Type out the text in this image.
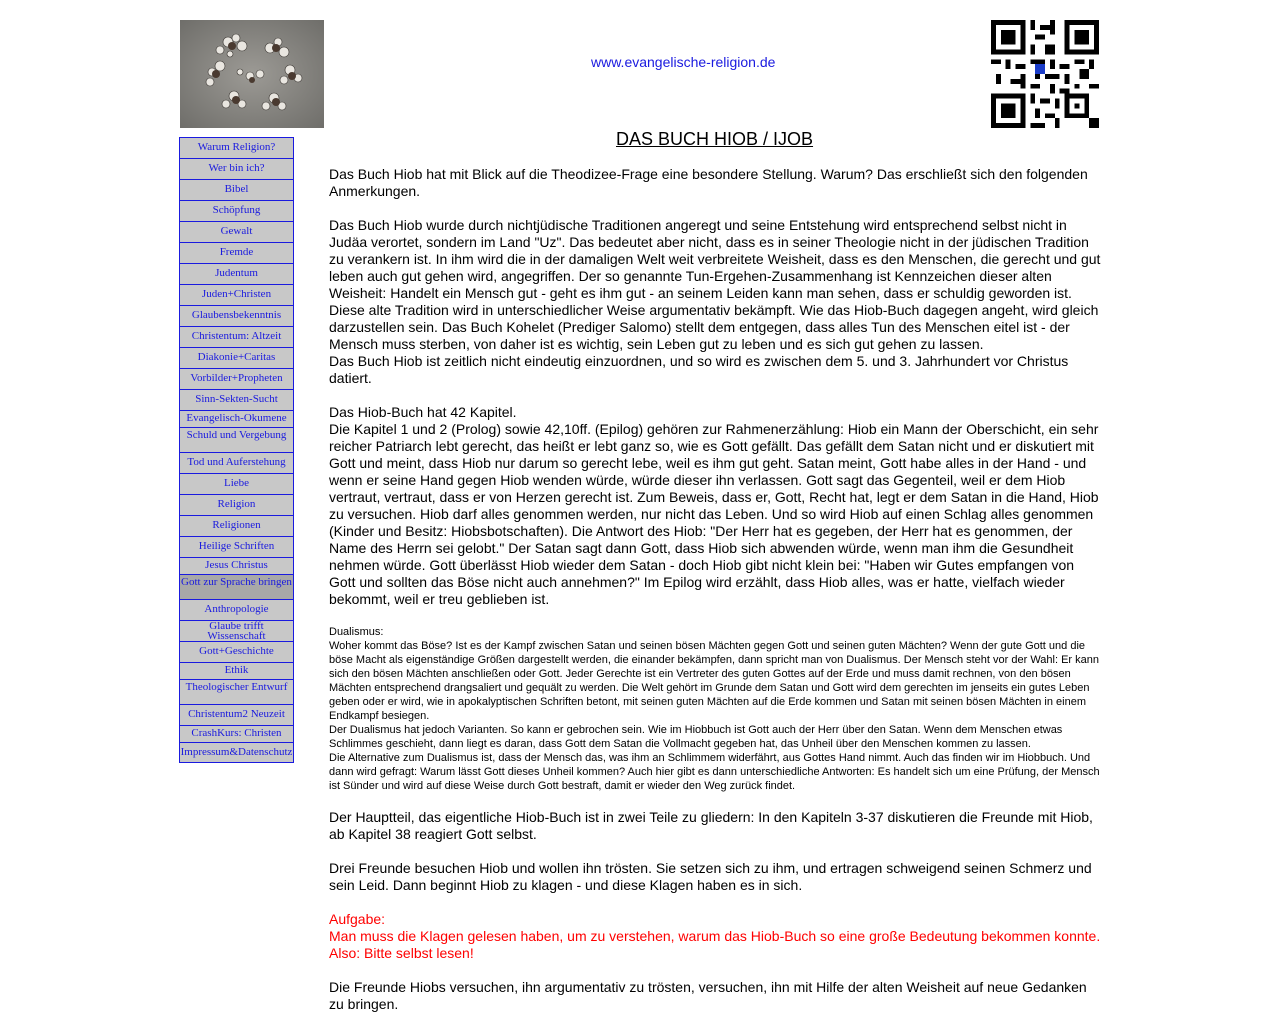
www.evangelische-religion.de
Warum Religion?
Wer bin ich?
Bibel
Schöpfung
Gewalt
Fremde
Judentum
Juden+Christen
Glaubensbekenntnis
Christentum: Altzeit
Diakonie+Caritas
Vorbilder+Propheten
Sinn-Sekten-Sucht
Evangelisch-Okumene
Schuld und Vergebung
Tod und Auferstehung
Liebe
Religion
Religionen
Heilige Schriften
Jesus Christus
Gott zur Sprache bringen
Anthropologie
Glaube trifft Wissenschaft
Gott+Geschichte
Ethik
Theologischer Entwurf
Christentum2 Neuzeit
CrashKurs: Christen
Impressum&Datenschutz
DAS BUCH HIOB / IJOB

Das Buch Hiob hat mit Blick auf die Theodizee-Frage eine besondere Stellung. Warum? Das erschließt sich den folgenden Anmerkungen.

Das Buch Hiob wurde durch nichtjüdische Traditionen angeregt und seine Entstehung wird entsprechend selbst nicht in Judäa verortet, sondern im Land "Uz". Das bedeutet aber nicht, dass es in seiner Theologie nicht in der jüdischen Tradition zu verankern ist. In ihm wird die in der damaligen Welt weit verbreitete Weisheit, dass es den Menschen, die gerecht und gut leben auch gut gehen wird, angegriffen. Der so genannte Tun-Ergehen-Zusammenhang ist Kennzeichen dieser alten Weisheit: Handelt ein Mensch gut - geht es ihm gut - an seinem Leiden kann man sehen, dass er schuldig geworden ist. Diese alte Tradition wird in unterschiedlicher Weise argumentativ bekämpft. Wie das Hiob-Buch dagegen angeht, wird gleich darzustellen sein. Das Buch Kohelet (Prediger Salomo) stellt dem entgegen, dass alles Tun des Menschen eitel ist - der Mensch muss sterben, von daher ist es wichtig, sein Leben gut zu leben und es sich gut gehen zu lassen.
Das Buch Hiob ist zeitlich nicht eindeutig einzuordnen, und so wird es zwischen dem 5. und 3. Jahrhundert vor Christus datiert.

Das Hiob-Buch hat 42 Kapitel.
Die Kapitel 1 und 2 (Prolog) sowie 42,10ff. (Epilog) gehören zur Rahmenerzählung: Hiob ein Mann der Oberschicht, ein sehr reicher Patriarch lebt gerecht, das heißt er lebt ganz so, wie es Gott gefällt. Das gefällt dem Satan nicht und er diskutiert mit Gott und meint, dass Hiob nur darum so gerecht lebe, weil es ihm gut geht. Satan meint, Gott habe alles in der Hand - und wenn er seine Hand gegen Hiob wenden würde, würde dieser ihn verlassen. Gott sagt das Gegenteil, weil er dem Hiob vertraut, vertraut, dass er von Herzen gerecht ist. Zum Beweis, dass er, Gott, Recht hat, legt er dem Satan in die Hand, Hiob zu versuchen. Hiob darf alles genommen werden, nur nicht das Leben. Und so wird Hiob auf einen Schlag alles genommen (Kinder und Besitz: Hiobsbotschaften). Die Antwort des Hiob: "Der Herr hat es gegeben, der Herr hat es genommen, der Name des Herrn sei gelobt." Der Satan sagt dann Gott, dass Hiob sich abwenden würde, wenn man ihm die Gesundheit nehmen würde. Gott überlässt Hiob wieder dem Satan - doch Hiob gibt nicht klein bei: "Haben wir Gutes empfangen von Gott und sollten das Böse nicht auch annehmen?" Im Epilog wird erzählt, dass Hiob alles, was er hatte, vielfach wieder bekommt, weil er treu geblieben ist.

Dualismus:
Woher kommt das Böse? Ist es der Kampf zwischen Satan und seinen bösen Mächten gegen Gott und seinen guten Mächten? Wenn der gute Gott und die böse Macht als eigenständige Größen dargestellt werden, die einander bekämpfen, dann spricht man von Dualismus. Der Mensch steht vor der Wahl: Er kann sich den bösen Mächten anschließen oder Gott. Jeder Gerechte ist ein Vertreter des guten Gottes auf der Erde und muss damit rechnen, von den bösen Mächten entsprechend drangsaliert und gequält zu werden. Die Welt gehört im Grunde dem Satan und Gott wird dem gerechten im jenseits ein gutes Leben geben oder er wird, wie in apokalyptischen Schriften betont, mit seinen guten Mächten auf die Erde kommen und Satan mit seinen bösen Mächten in einem Endkampf besiegen.
Der Dualismus hat jedoch Varianten. So kann er gebrochen sein. Wie im Hiobbuch ist Gott auch der Herr über den Satan. Wenn dem Menschen etwas Schlimmes geschieht, dann liegt es daran, dass Gott dem Satan die Vollmacht gegeben hat, das Unheil über den Menschen kommen zu lassen.
Die Alternative zum Dualismus ist, dass der Mensch das, was ihm an Schlimmem widerfährt, aus Gottes Hand nimmt. Auch das finden wir im Hiobbuch. Und dann wird gefragt: Warum lässt Gott dieses Unheil kommen? Auch hier gibt es dann unterschiedliche Antworten: Es handelt sich um eine Prüfung, der Mensch ist Sünder und wird auf diese Weise durch Gott bestraft, damit er wieder den Weg zurück findet.

Der Hauptteil, das eigentliche Hiob-Buch ist in zwei Teile zu gliedern: In den Kapiteln 3-37 diskutieren die Freunde mit Hiob, ab Kapitel 38 reagiert Gott selbst.

Drei Freunde besuchen Hiob und wollen ihn trösten. Sie setzen sich zu ihm, und ertragen schweigend seinen Schmerz und sein Leid. Dann beginnt Hiob zu klagen - und diese Klagen haben es in sich.

Aufgabe:
Man muss die Klagen gelesen haben, um zu verstehen, warum das Hiob-Buch so eine große Bedeutung bekommen konnte. Also: Bitte selbst lesen!

Die Freunde Hiobs versuchen, ihn argumentativ zu trösten, versuchen, ihn mit Hilfe der alten Weisheit auf neue Gedanken zu bringen.
